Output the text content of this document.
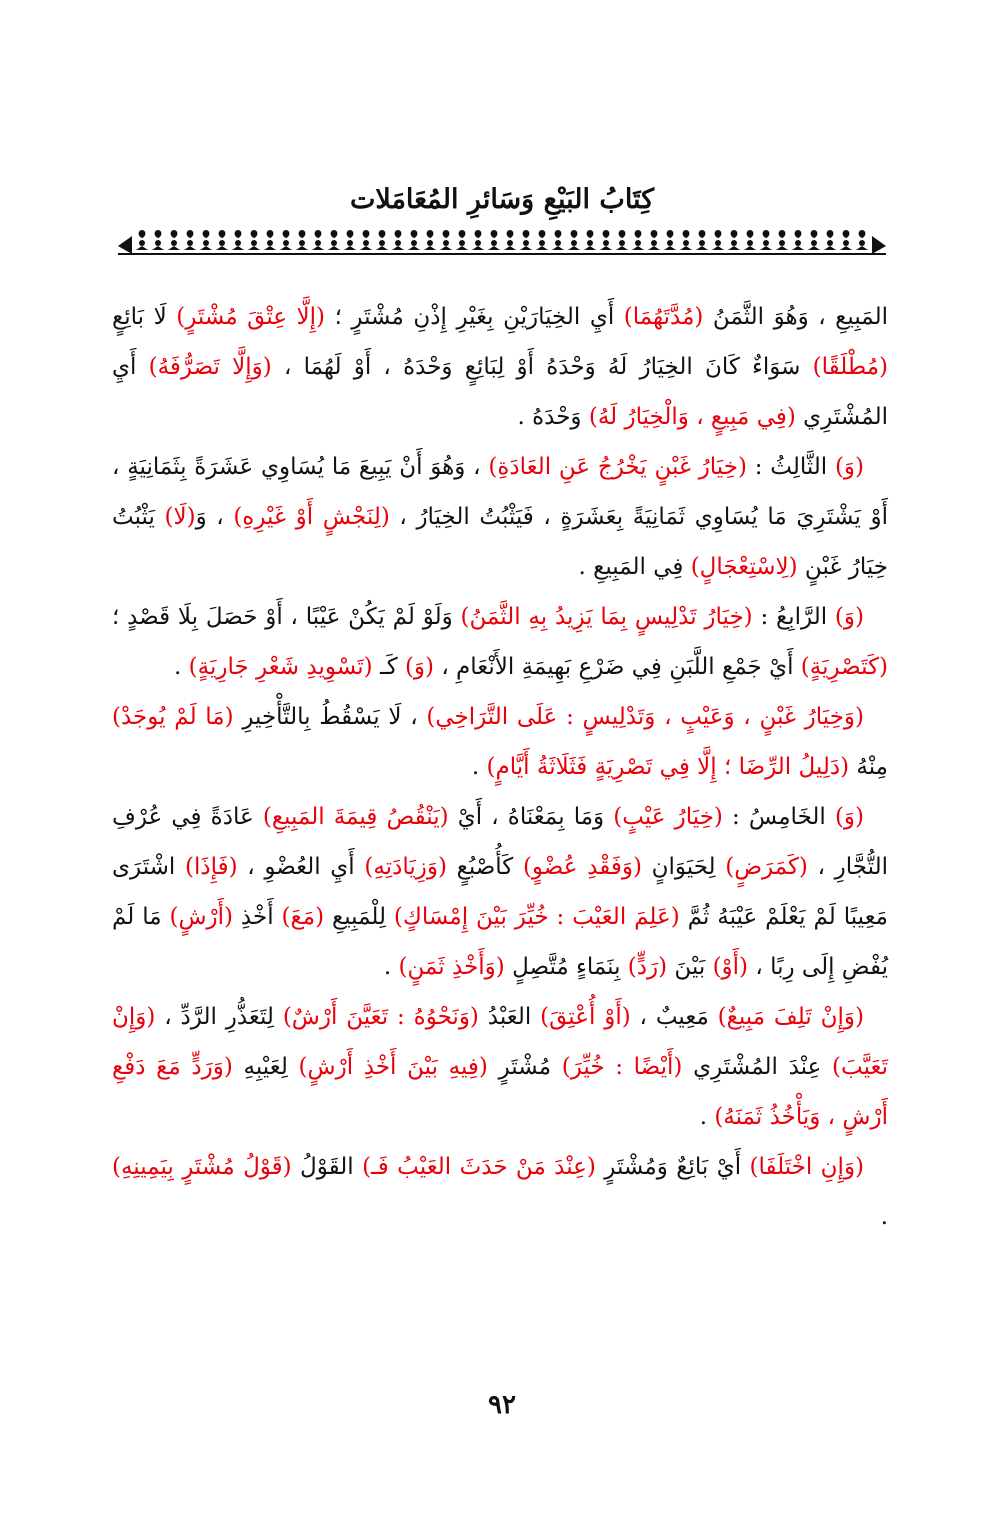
كِتَابُ البَيْعِ وَسَائرِ المُعَامَلات

المَبِيعِ ، وَهُوَ الثَّمَنُ (مُدَّتَهُمَا) أَيِ الخِيَارَيْنِ بِغَيْرِ إِذْنِ مُشْتَرٍ ؛ (إِلَّا عِتْقَ مُشْتَرٍ) لَا بَائِعٍ (مُطْلَقًا) سَوَاءٌ كَانَ الخِيَارُ لَهُ وَحْدَهُ أَوْ لِبَائِعٍ وَحْدَهُ ، أَوْ لَهُمَا ، (وَإِلَّا تَصَرُّفَهُ) أَيِ المُشْتَرِي (فِي مَبِيعٍ ، وَالْخِيَارُ لَهُ) وَحْدَهُ .

(وَ) الثَّالِثُ : (خِيَارُ غَبْنٍ يَخْرُجُ عَنِ العَادَةِ) ، وَهُوَ أَنْ يَبِيعَ مَا يُسَاوِي عَشَرَةً بِثَمَانِيَةٍ ، أَوْ يَشْتَرِيَ مَا يُسَاوِي ثَمَانِيَةً بِعَشَرَةٍ ، فَيَثْبُتُ الخِيَارُ ، (لِنَجْشٍ أَوْ غَيْرِهِ) ، وَ(لَا) يَثْبُتُ خِيَارُ غَبْنٍ (لِاسْتِعْجَالٍ) فِي المَبِيعِ .

(وَ) الرَّابِعُ : (خِيَارُ تَدْلِيسٍ بِمَا يَزِيدُ بِهِ الثَّمَنُ) وَلَوْ لَمْ يَكُنْ عَيْبًا ، أَوْ حَصَلَ بِلَا قَصْدٍ ؛ (كَتَصْرِيَةٍ) أَيْ جَمْعِ اللَّبَنِ فِي ضَرْعِ بَهِيمَةِ الأَنْعَامِ ، (وَ) كَـ (تَسْوِيدِ شَعْرِ جَارِيَةٍ) .

(وَخِيَارُ غَبْنٍ ، وَعَيْبٍ ، وَتَدْلِيسٍ : عَلَى التَّرَاخِي) ، لَا يَسْقُطُ بِالتَّأْخِيرِ (مَا لَمْ يُوجَدْ) مِنْهُ (دَلِيلُ الرِّضَا ؛ إِلَّا فِي تَصْرِيَةٍ فَثَلَاثَةُ أَيَّامٍ) .

(وَ) الخَامِسُ : (خِيَارُ عَيْبٍ) وَمَا بِمَعْنَاهُ ، أَيْ (يَنْقُصُ قِيمَةَ المَبِيعِ) عَادَةً فِي عُرْفِ التُّجَّارِ ، (كَمَرَضٍ) لِحَيَوَانٍ (وَفَقْدِ عُضْوٍ) كَأُصْبُعٍ (وَزِيَادَتِهِ) أَيِ العُضْوِ ، (فَإِذَا) اشْتَرَى مَعِيبًا لَمْ يَعْلَمْ عَيْبَهُ ثُمَّ (عَلِمَ العَيْبَ : خُيِّرَ بَيْنَ إِمْسَاكٍ) لِلْمَبِيعِ (مَعَ) أَخْذِ (أَرْشٍ) مَا لَمْ يُفْضِ إِلَى رِبًا ، (أَوْ) بَيْنَ (رَدٍّ) بِنَمَاءٍ مُتَّصِلٍ (وَأَخْذِ ثَمَنٍ) .

(وَإِنْ تَلِفَ مَبِيعٌ) مَعِيبٌ ، (أَوْ أُعْتِقَ) العَبْدُ (وَنَحْوُهُ : تَعَيَّنَ أَرْشٌ) لِتَعَذُّرِ الرَّدِّ ، (وَإِنْ تَعَيَّبَ) عِنْدَ المُشْتَرِي (أَيْضًا : خُيِّرَ) مُشْتَرٍ (فِيهِ بَيْنَ أَخْذِ أَرْشٍ) لِعَيْبِهِ (وَرَدٍّ مَعَ دَفْعِ أَرْشٍ ، وَيَأْخُذُ ثَمَنَهُ) .

(وَإِنِ اخْتَلَفَا) أَيْ بَائِعٌ وَمُشْتَرٍ (عِنْدَ مَنْ حَدَثَ العَيْبُ فَـ) القَوْلُ (قَوْلُ مُشْتَرٍ بِيَمِينِهِ) .

٩٢
